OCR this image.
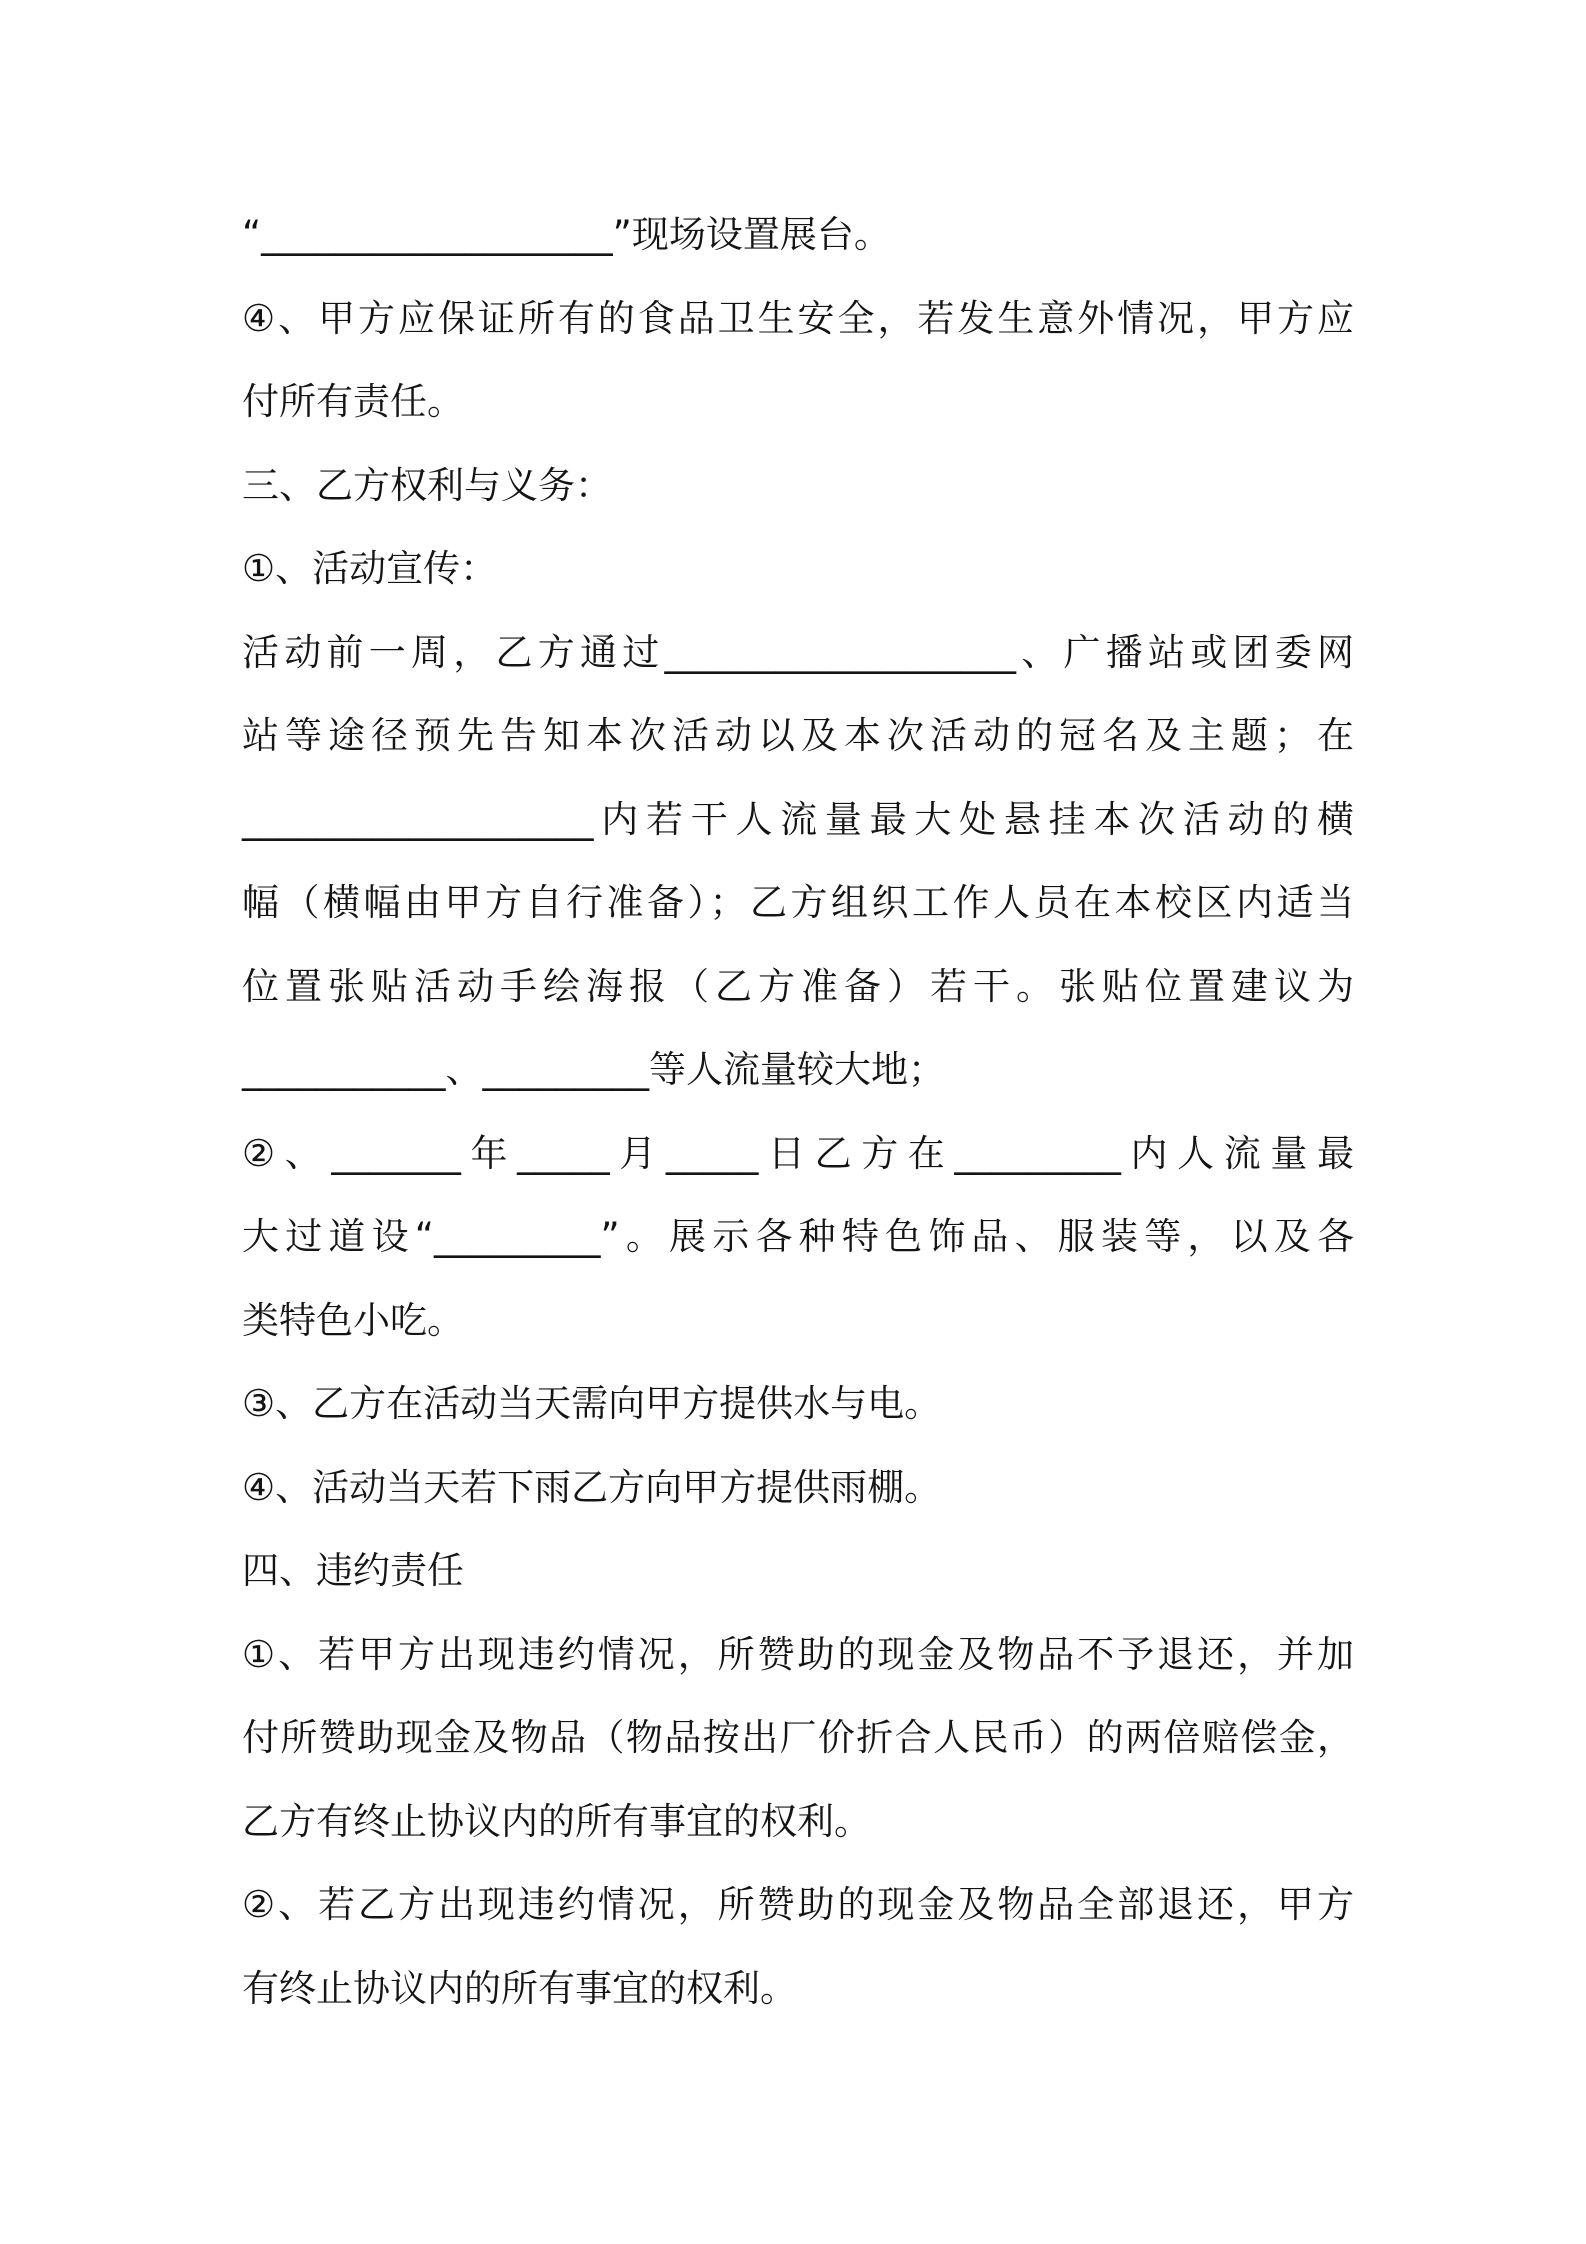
“___________________”现场设置展台。

④、甲方应保证所有的食品卫生安全，若发生意外情况，甲方应

付所有责任。

三、乙方权利与义务：

①、活动宣传：

活动前一周，乙方通过___________________、广播站或团委网

站等途径预先告知本次活动以及本次活动的冠名及主题；在

___________________内若干人流量最大处悬挂本次活动的横

幅（横幅由甲方自行准备）；乙方组织工作人员在本校区内适当

位置张贴活动手绘海报（乙方准备）若干。张贴位置建议为

___________、_________等人流量较大地；

②、_______年_____月_____日乙方在_________内人流量最

大过道设“_________”。展示各种特色饰品、服装等，以及各

类特色小吃。

③、乙方在活动当天需向甲方提供水与电。

④、活动当天若下雨乙方向甲方提供雨棚。

四、违约责任

①、若甲方出现违约情况，所赞助的现金及物品不予退还，并加

付所赞助现金及物品（物品按出厂价折合人民币）的两倍赔偿金，

乙方有终止协议内的所有事宜的权利。

②、若乙方出现违约情况，所赞助的现金及物品全部退还，甲方

有终止协议内的所有事宜的权利。
